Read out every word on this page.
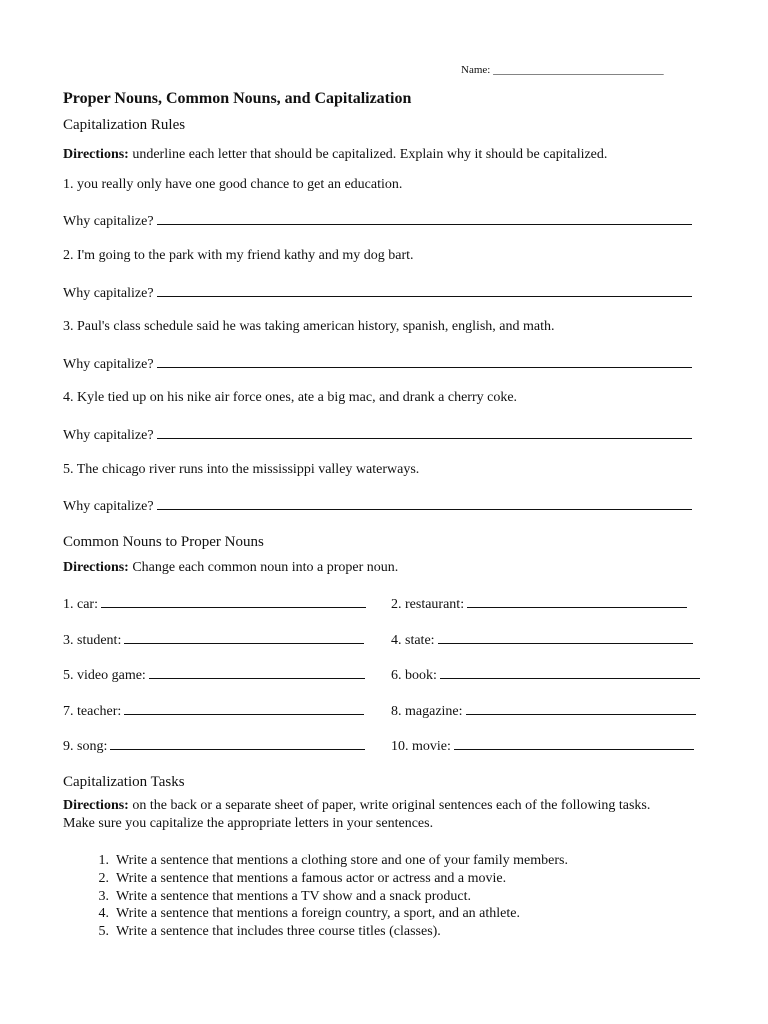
Name: _______________________________
Proper Nouns, Common Nouns, and Capitalization
Capitalization Rules
Directions: underline each letter that should be capitalized. Explain why it should be capitalized.
1. you really only have one good chance to get an education.
Why capitalize?
2. I'm going to the park with my friend kathy and my dog bart.
Why capitalize?
3. Paul's class schedule said he was taking american history, spanish, english, and math.
Why capitalize?
4. Kyle tied up on his nike air force ones, ate a big mac, and drank a cherry coke.
Why capitalize?
5. The chicago river runs into the mississippi valley waterways.
Why capitalize?
Common Nouns to Proper Nouns
Directions: Change each common noun into a proper noun.
1. car:
3. student:
5. video game:
7. teacher:
9. song:
2. restaurant:
4. state:
6. book:
8. magazine:
10. movie:
Capitalization Tasks
Directions: on the back or a separate sheet of paper, write original sentences each of the following tasks.
Make sure you capitalize the appropriate letters in your sentences.
1. Write a sentence that mentions a clothing store and one of your family members.
2. Write a sentence that mentions a famous actor or actress and a movie.
3. Write a sentence that mentions a TV show and a snack product.
4. Write a sentence that mentions a foreign country, a sport, and an athlete.
5. Write a sentence that includes three course titles (classes).
